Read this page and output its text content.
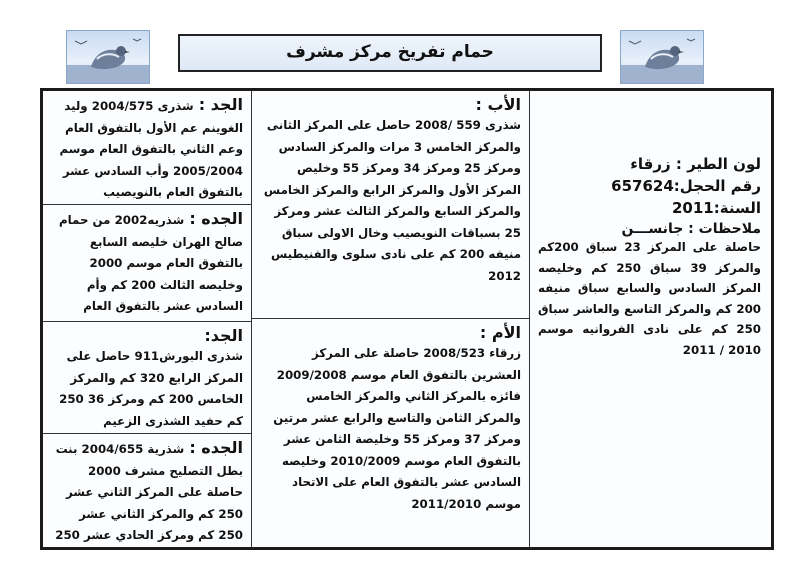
حمام تفريخ مركز مشرف
لون الطير : زرقاء
رقم الحجل:657624
السنة:2011
ملاحظات : جانســـن
حاصلة على المركز 23 سباق 200كم والمركز 39 سباق 250 كم وخليصه المركز السادس والسابع سباق منيفه 200 كم والمركز التاسع والعاشر سباق 250 كم على نادى الفروانيه موسم 2010 / 2011
الأب :
شذرى 559 /2008 حاصل على المركز الثانى والمركز الخامس 3 مرات والمركز السادس ومركز 25 ومركز 34 ومركز 55 وخليص المركز الأول والمركز الرابع والمركز الخامس والمركز السابع والمركز الثالث عشر ومركز 25 بسباقات النويصيب وخال الاولى سباق منيفه 200 كم على نادى سلوى والفنيطيس 2012
الأم :
زرقاء 2008/523 حاصلة على المركز العشرين بالتفوق العام موسم 2009/2008 فائزه بالمركز الثاني والمركز الخامس والمركز الثامن والتاسع والرابع عشر مرتين ومركز 37 ومركز 55 وخليصة الثامن عشر بالتفوق العام موسم 2010/2009 وخليصه السادس عشر بالتفوق العام على الاتحاد موسم 2011/2010
الجد : شذرى 2004/575 وليد الغوينم عم الأول بالتفوق العام وعم الثاني بالتفوق العام موسم 2005/2004 وأب السادس عشر بالتفوق العام بالنويصيب
الجده : شذريه2002 من حمام صالح الهران خليصه السابع بالتفوق العام موسم 2000 وخليصه الثالث 200 كم وأم السادس عشر بالتفوق العام
الجد:
شذرى البورش911 حاصل على المركز الرابع 320 كم والمركز الخامس 200 كم ومركز 36 250 كم حفيد الشذرى الزعيم
الجده : شذرية 2004/655 بنت بطل التصليح مشرف 2000 حاصلة على المركز الثاني عشر 250 كم والمركز الثاني عشر 250 كم ومركز الحادي عشر 250
